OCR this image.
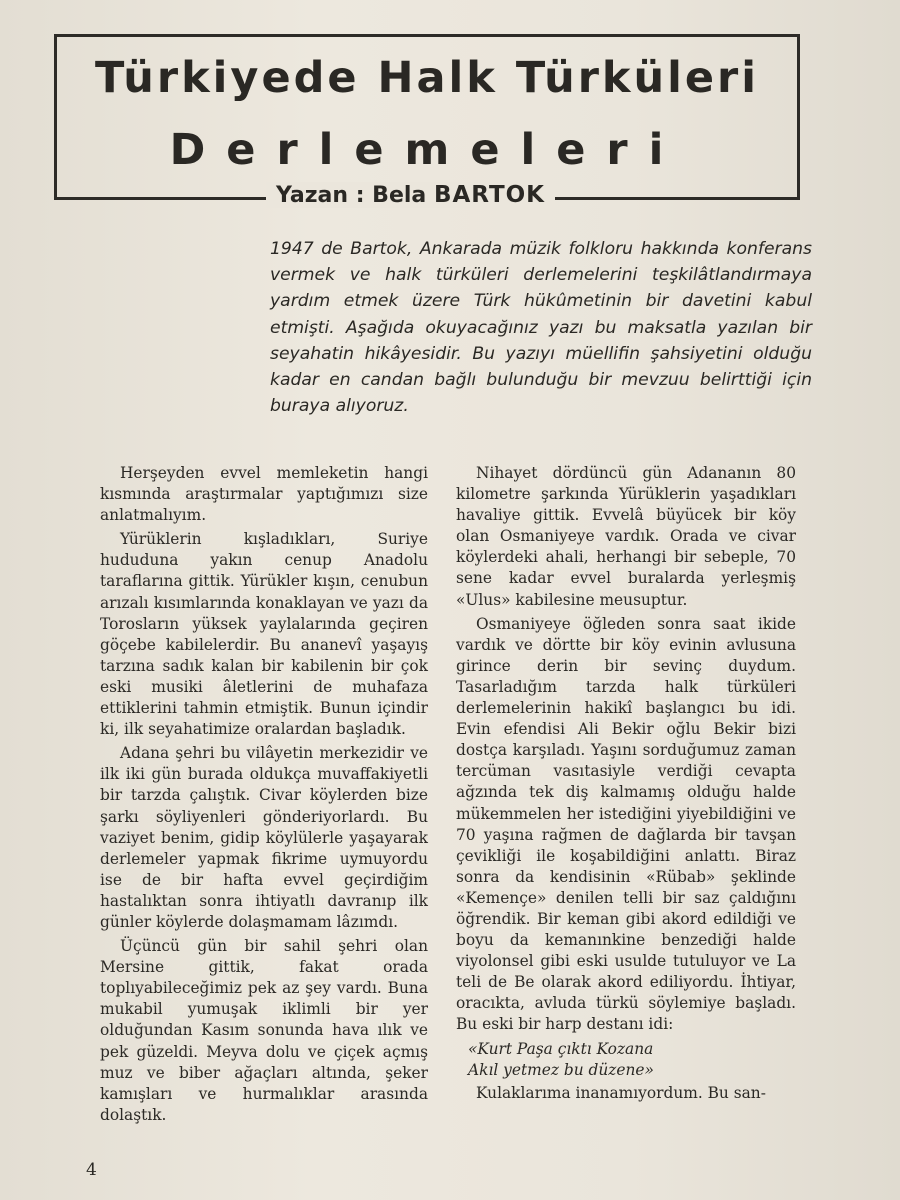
Türkiyede Halk Türküleri
Derlemeleri
Yazan : Bela BARTOK
1947 de Bartok, Ankarada müzik folkloru hakkında konferans vermek ve halk türküleri derlemelerini teşkilâtlandırmaya yardım etmek üzere Türk hükûmetinin bir davetini kabul etmişti. Aşağıda okuyacağınız yazı bu maksatla yazılan bir seyahatin hikâyesidir. Bu yazıyı müellifin şahsiyetini olduğu kadar en candan bağlı bulunduğu bir mevzuu belirttiği için buraya alıyoruz.

Herşeyden evvel memleketin hangi kısmında araştırmalar yaptığımızı size anlatmalıyım.

Yürüklerin kışladıkları, Suriye hududuna yakın cenup Anadolu taraflarına gittik. Yürükler kışın, cenubun arızalı kısımlarında konaklayan ve yazı da Torosların yüksek yaylalarında geçiren göçebe kabilelerdir. Bu ananevî yaşayış tarzına sadık kalan bir kabilenin bir çok eski musiki âletlerini de muhafaza ettiklerini tahmin etmiştik. Bunun içindir ki, ilk seyahatimize oralardan başladık.

Adana şehri bu vilâyetin merkezidir ve ilk iki gün burada oldukça muvaffakiyetli bir tarzda çalıştık. Civar köylerden bize şarkı söyliyenleri gönderiyorlardı. Bu vaziyet benim, gidip köylülerle yaşayarak derlemeler yapmak fikrime uymuyordu ise de bir hafta evvel geçirdiğim hastalıktan sonra ihtiyatlı davranıp ilk günler köylerde dolaşmamam lâzımdı.

Üçüncü gün bir sahil şehri olan Mersine gittik, fakat orada toplıyabileceğimiz pek az şey vardı. Buna mukabil yumuşak iklimli bir yer olduğundan Kasım sonunda hava ılık ve pek güzeldi. Meyva dolu ve çiçek açmış muz ve biber ağaçları altında, şeker kamışları ve hurmalıklar arasında dolaştık.

Nihayet dördüncü gün Adananın 80 kilometre şarkında Yürüklerin yaşadıkları havaliye gittik. Evvelâ büyücek bir köy olan Osmaniyeye vardık. Orada ve civar köylerdeki ahali, herhangi bir sebeple, 70 sene kadar evvel buralarda yerleşmiş «Ulus» kabilesine meusuptur.

Osmaniyeye öğleden sonra saat ikide vardık ve dörtte bir köy evinin avlusuna girince derin bir sevinç duydum. Tasarladığım tarzda halk türküleri derlemelerinin hakikî başlangıcı bu idi. Evin efendisi Ali Bekir oğlu Bekir bizi dostça karşıladı. Yaşını sorduğumuz zaman tercüman vasıtasiyle verdiği cevapta ağzında tek diş kalmamış olduğu halde mükemmelen her istediğini yiyebildiğini ve 70 yaşına rağmen de dağlarda bir tavşan çevikliği ile koşabildiğini anlattı. Biraz sonra da kendisinin «Rübab» şeklinde «Kemençe» denilen telli bir saz çaldığını öğrendik. Bir keman gibi akord edildiği ve boyu da kemanınkine benzediği halde viyolonsel gibi eski usulde tutuluyor ve La teli de Be olarak akord ediliyordu. İhtiyar, oracıkta, avluda türkü söylemiye başladı. Bu eski bir harp destanı idi:

«Kurt Paşa çıktı Kozana
Akıl yetmez bu düzene»

Kulaklarıma inanamıyordum. Bu san-

4
